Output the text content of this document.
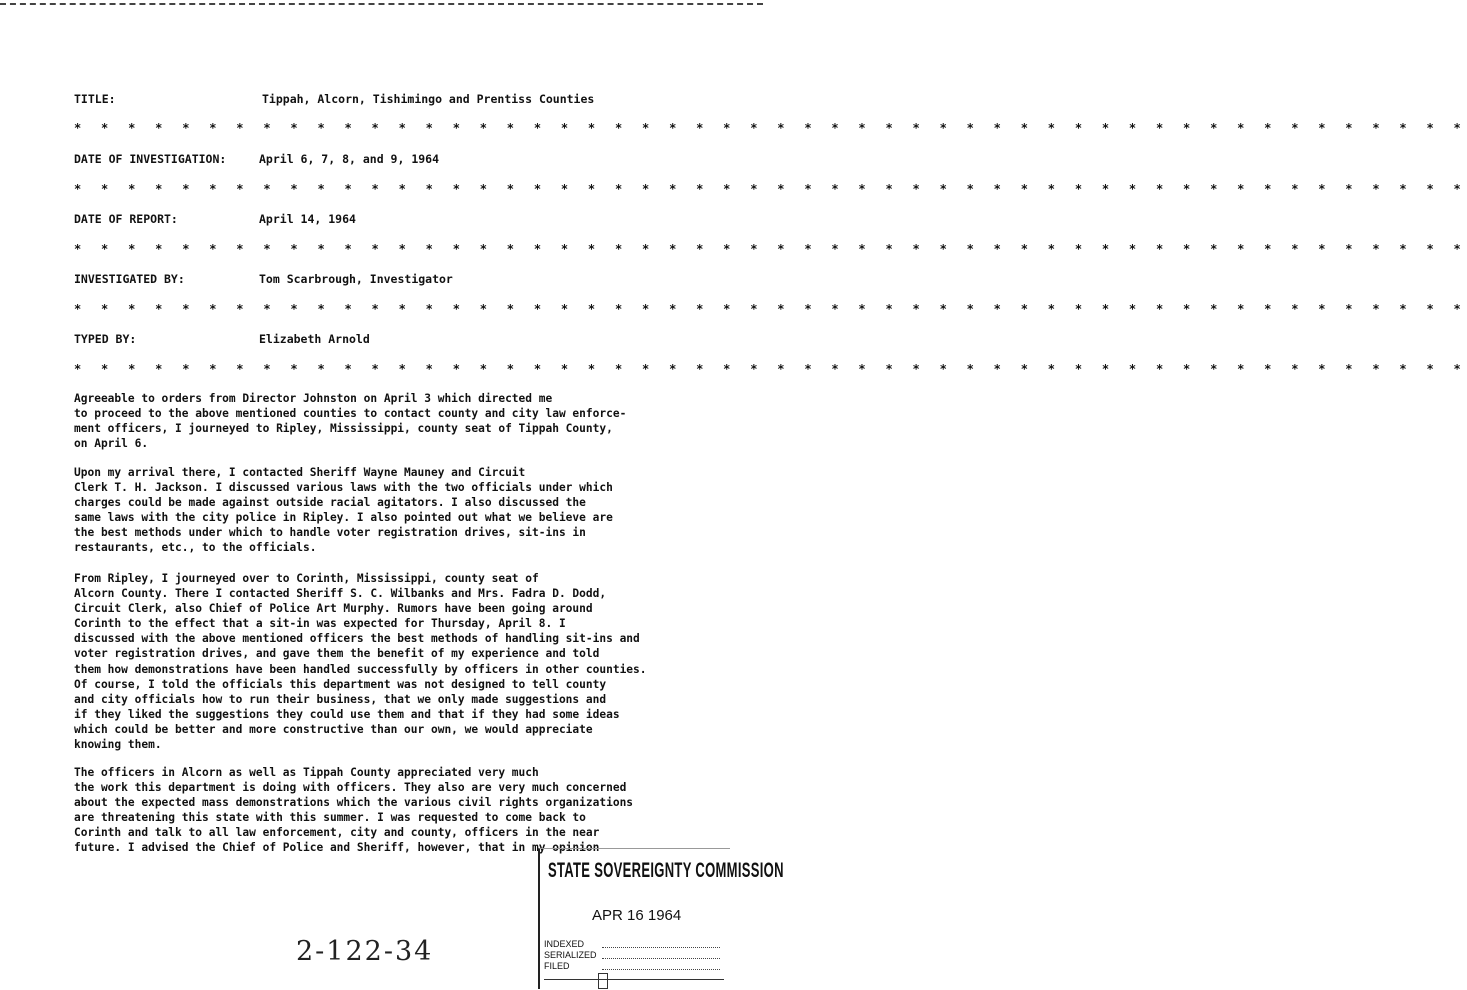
TITLE:	Tippah, Alcorn, Tishimingo and Prentiss Counties
* * * * * * * * * * * * * * * * * * * * * * * * * * * * * * * * * * * * * * * * * * * * * * * * * * * *
DATE OF INVESTIGATION:	April 6, 7, 8, and 9, 1964
* * * * * * * * * * * * * * * * * * * * * * * * * * * * * * * * * * * * * * * * * * * * * * * * * * * *
DATE OF REPORT:	April 14, 1964
* * * * * * * * * * * * * * * * * * * * * * * * * * * * * * * * * * * * * * * * * * * * * * * * * * * *
INVESTIGATED BY:	Tom Scarbrough, Investigator
* * * * * * * * * * * * * * * * * * * * * * * * * * * * * * * * * * * * * * * * * * * * * * * * * * * *
TYPED BY:	Elizabeth Arnold
* * * * * * * * * * * * * * * * * * * * * * * * * * * * * * * * * * * * * * * * * * * * * * * * * * * *
Agreeable to orders from Director Johnston on April 3 which directed me
to proceed to the above mentioned counties to contact county and city law enforce-
ment officers, I journeyed to Ripley, Mississippi, county seat of Tippah County,
on April 6.
Upon my arrival there, I contacted Sheriff Wayne Mauney and Circuit
Clerk T. H. Jackson. I discussed various laws with the two officials under which
charges could be made against outside racial agitators. I also discussed the
same laws with the city police in Ripley. I also pointed out what we believe are
the best methods under which to handle voter registration drives, sit-ins in
restaurants, etc., to the officials.
From Ripley, I journeyed over to Corinth, Mississippi, county seat of
Alcorn County. There I contacted Sheriff S. C. Wilbanks and Mrs. Fadra D. Dodd,
Circuit Clerk, also Chief of Police Art Murphy. Rumors have been going around
Corinth to the effect that a sit-in was expected for Thursday, April 8. I
discussed with the above mentioned officers the best methods of handling sit-ins and
voter registration drives, and gave them the benefit of my experience and told
them how demonstrations have been handled successfully by officers in other counties.
Of course, I told the officials this department was not designed to tell county
and city officials how to run their business, that we only made suggestions and
if they liked the suggestions they could use them and that if they had some ideas
which could be better and more constructive than our own, we would appreciate
knowing them.
The officers in Alcorn as well as Tippah County appreciated very much
the work this department is doing with officers. They also are very much concerned
about the expected mass demonstrations which the various civil rights organizations
are threatening this state with this summer. I was requested to come back to
Corinth and talk to all law enforcement, city and county, officers in the near
future. I advised the Chief of Police and Sheriff, however, that in my opinion
STATE SOVEREIGNTY COMMISSION
APR 16 1964
INDEXED
SERIALIZED
FILED
2-122-34
